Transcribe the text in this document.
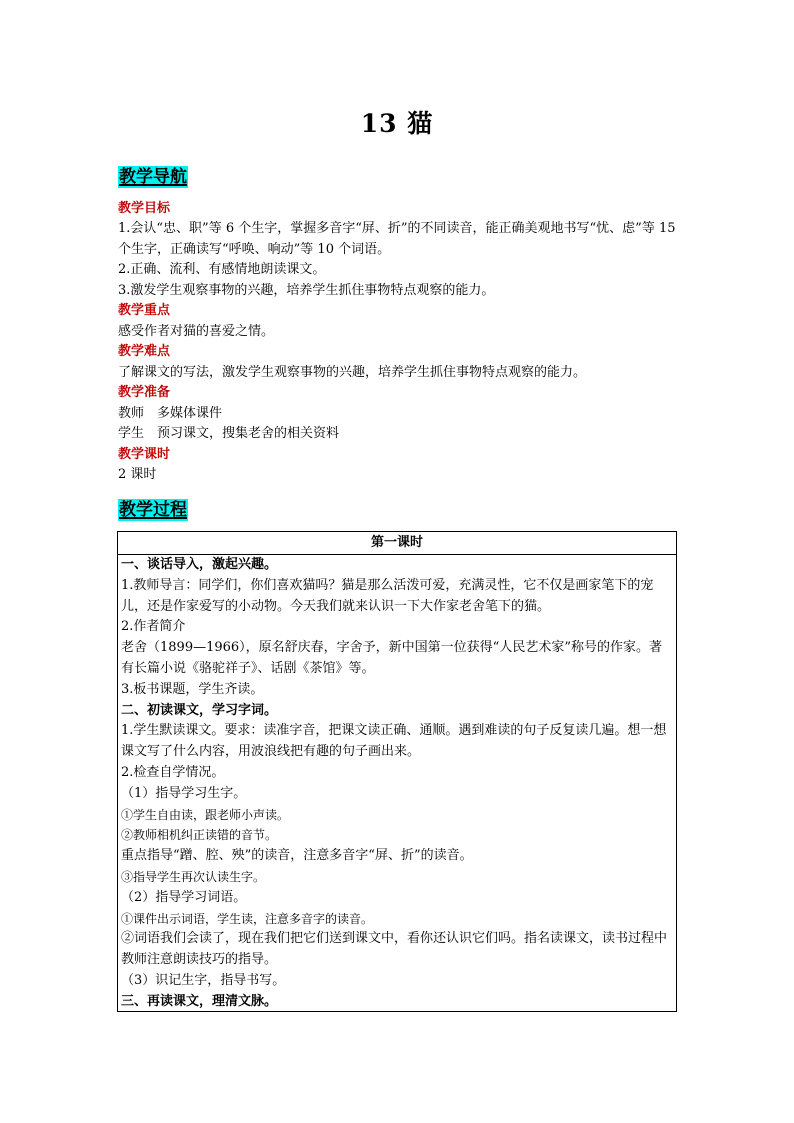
13 猫
教学导航
教学目标
1.会认“忠、职”等 6 个生字，掌握多音字“屏、折”的不同读音，能正确美观地书写“忧、虑”等 15 个生字，正确读写“呼唤、响动”等 10 个词语。
2.正确、流利、有感情地朗读课文。
3.激发学生观察事物的兴趣，培养学生抓住事物特点观察的能力。
教学重点
感受作者对猫的喜爱之情。
教学难点
了解课文的写法，激发学生观察事物的兴趣，培养学生抓住事物特点观察的能力。
教学准备
教师　多媒体课件
学生　预习课文，搜集老舍的相关资料
教学课时
2 课时
教学过程
第一课时
一、谈话导入，激起兴趣。
1.教师导言：同学们，你们喜欢猫吗？猫是那么活泼可爱，充满灵性，它不仅是画家笔下的宠儿，还是作家爱写的小动物。今天我们就来认识一下大作家老舍笔下的猫。
2.作者简介
老舍（1899—1966），原名舒庆春，字舍予，新中国第一位获得“人民艺术家”称号的作家。著有长篇小说《骆驼祥子》、话剧《茶馆》等。
3.板书课题，学生齐读。
二、初读课文，学习字词。
1.学生默读课文。要求：读准字音，把课文读正确、通顺。遇到难读的句子反复读几遍。想一想课文写了什么内容，用波浪线把有趣的句子画出来。
2.检查自学情况。
（1）指导学习生字。
①学生自由读，跟老师小声读。
②教师相机纠正读错的音节。
重点指导“蹭、腔、殃”的读音，注意多音字“屏、折”的读音。
③指导学生再次认读生字。
（2）指导学习词语。
①课件出示词语，学生读，注意多音字的读音。
②词语我们会读了，现在我们把它们送到课文中，看你还认识它们吗。指名读课文，读书过程中教师注意朗读技巧的指导。
（3）识记生字，指导书写。
三、再读课文，理清文脉。
